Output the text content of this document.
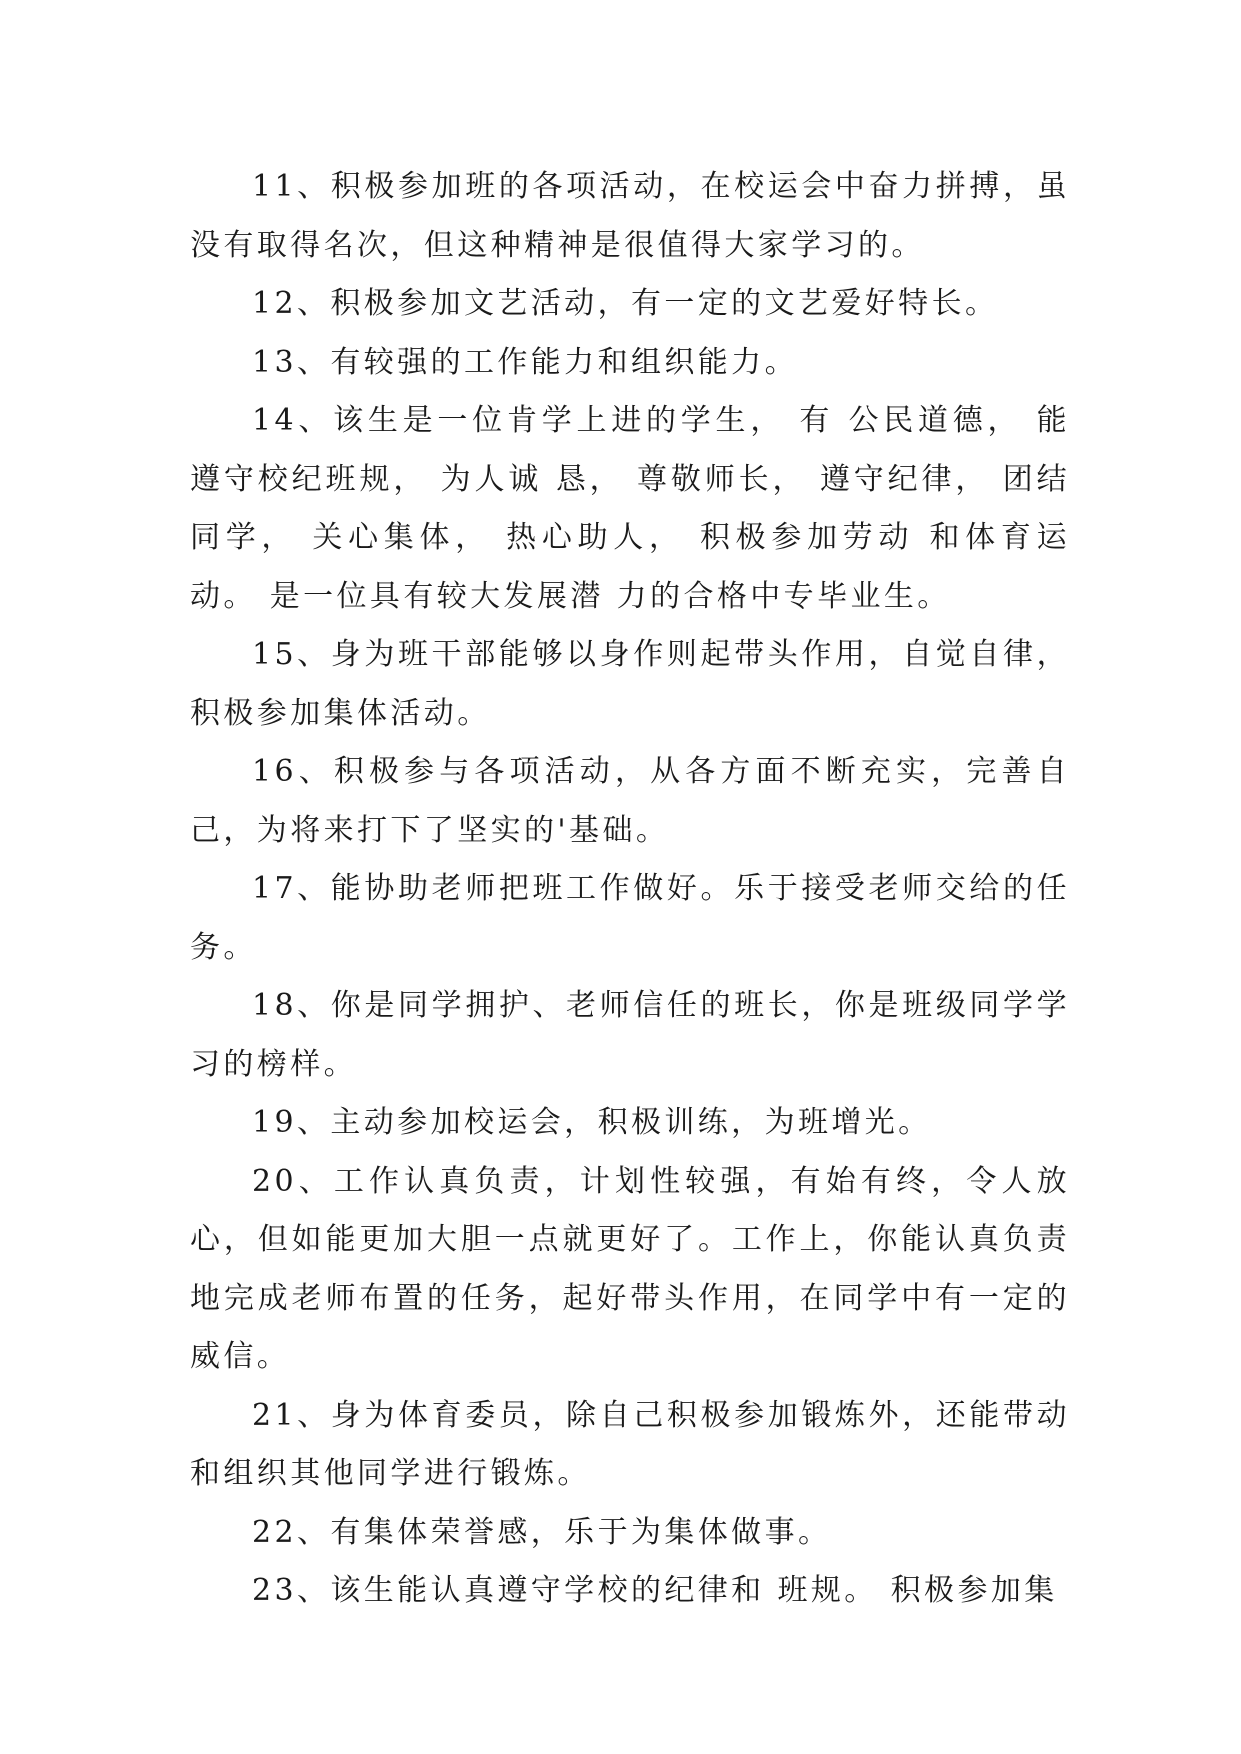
11、积极参加班的各项活动，在校运会中奋力拼搏，虽没有取得名次，但这种精神是很值得大家学习的。

12、积极参加文艺活动，有一定的文艺爱好特长。

13、有较强的工作能力和组织能力。

14、该生是一位肯学上进的学生， 有 公民道德， 能遵守校纪班规， 为人诚 恳， 尊敬师长， 遵守纪律， 团结同学， 关心集体， 热心助人， 积极参加劳动 和体育运动。 是一位具有较大发展潜 力的合格中专毕业生。

15、身为班干部能够以身作则起带头作用，自觉自律，积极参加集体活动。

16、积极参与各项活动，从各方面不断充实，完善自己，为将来打下了坚实的'基础。

17、能协助老师把班工作做好。乐于接受老师交给的任务。

18、你是同学拥护、老师信任的班长，你是班级同学学习的榜样。

19、主动参加校运会，积极训练，为班增光。

20、工作认真负责，计划性较强，有始有终，令人放心，但如能更加大胆一点就更好了。工作上，你能认真负责地完成老师布置的任务，起好带头作用，在同学中有一定的威信。

21、身为体育委员，除自己积极参加锻炼外，还能带动和组织其他同学进行锻炼。

22、有集体荣誉感，乐于为集体做事。

23、该生能认真遵守学校的纪律和 班规。 积极参加集
